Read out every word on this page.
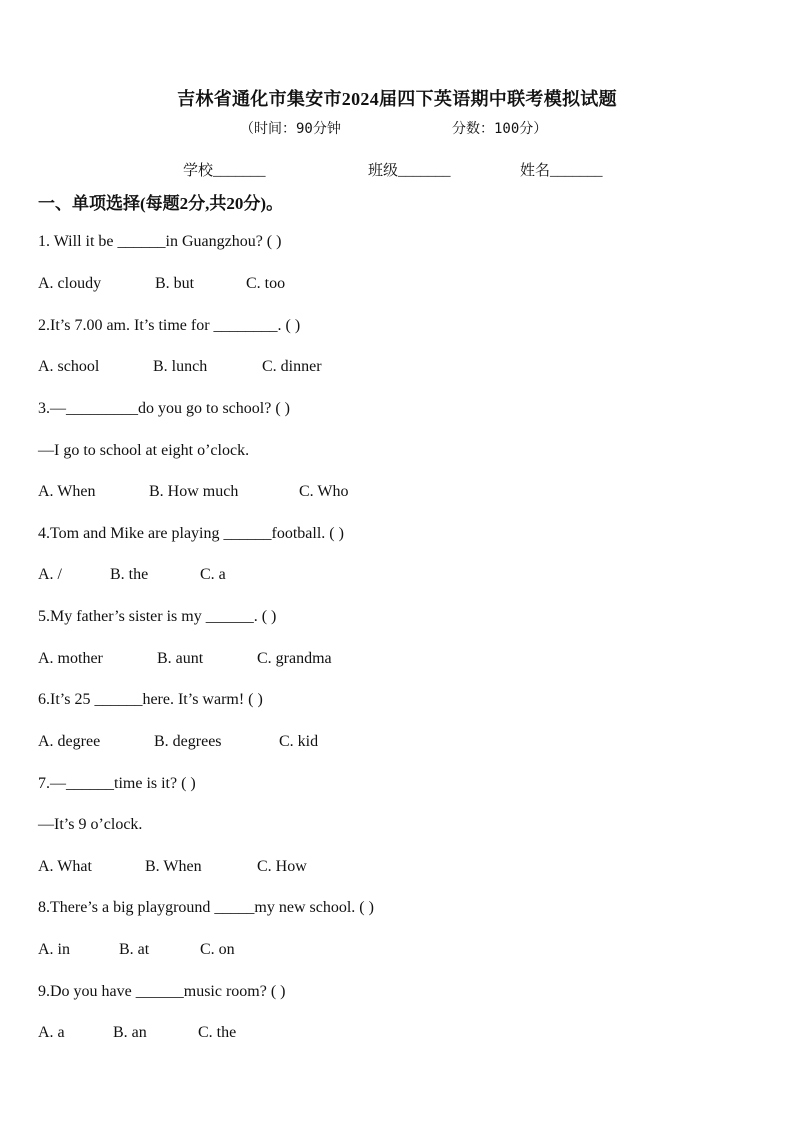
吉林省通化市集安市2024届四下英语期中联考模拟试题
（时间：90分钟	分数：100分）
学校_______	班级_______	姓名_______
一、单项选择(每题2分,共20分)。
1. Will it be ______in Guangzhou? ( )
A. cloudy	B. but	C. too
2.It’s 7.00 am. It’s time for ________. ( )
A. school	B. lunch	C. dinner
3.—_________do you go to school? ( )
—I go to school at eight o’clock.
A. When	B. How much	C. Who
4.Tom and Mike are playing ______football. ( )
A. /	B. the	C. a
5.My father’s sister is my ______. ( )
A. mother	B. aunt	C. grandma
6.It’s 25 ______here. It’s warm! ( )
A. degree	B. degrees	C. kid
7.—______time is it? ( )
—It’s 9 o’clock.
A. What	B. When	C. How
8.There’s a big playground _____my new school. ( )
A. in	B. at	C. on
9.Do you have ______music room? ( )
A. a	B. an	C. the
